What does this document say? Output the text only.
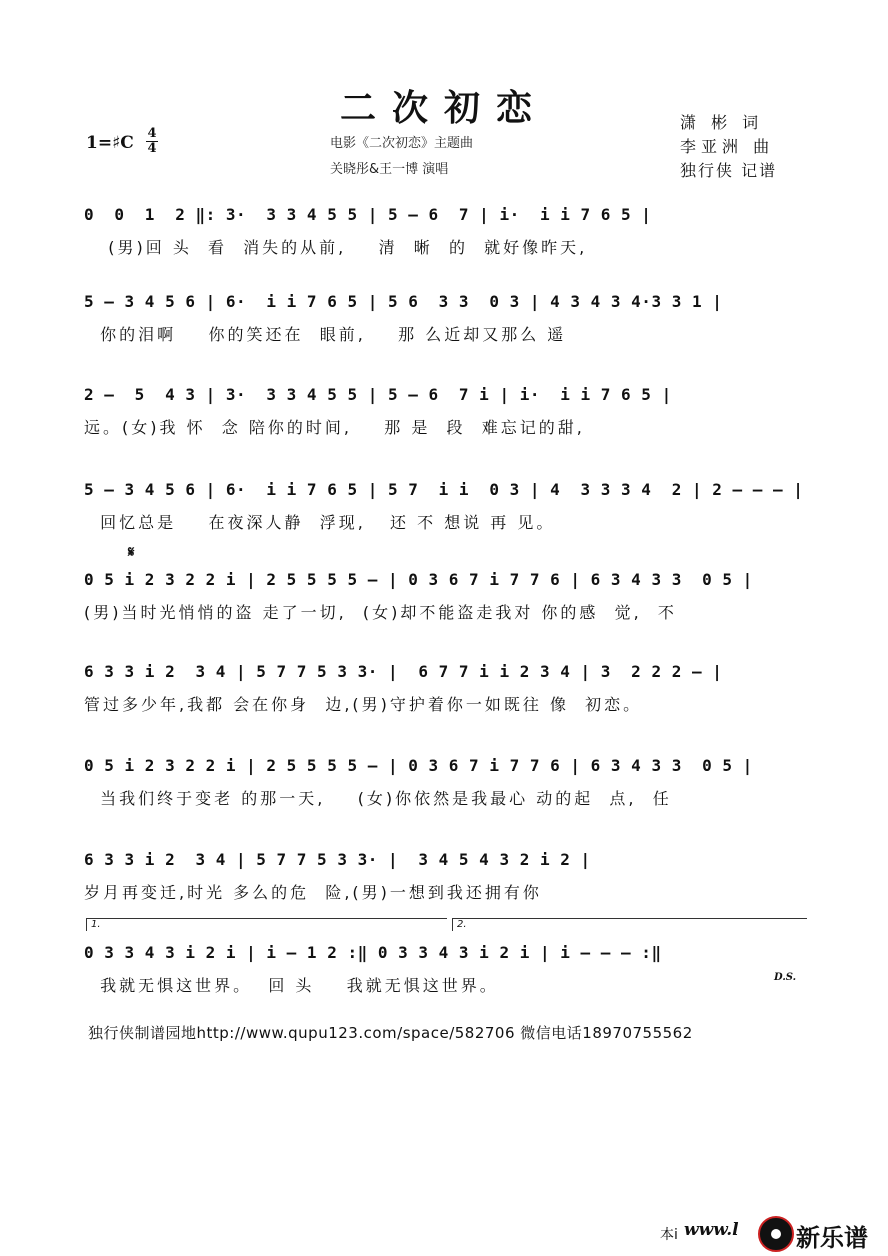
二次初恋
电影《二次初恋》主题曲
关晓彤&王一博 演唱
1=♯C 4
4
潇 彬 词
李亚洲 曲
独行侠 记谱
0  0  1  2 ‖: 3·  3 3 4 5 5 | 5 – 6  7 | i·  i i 7 6 5 |
(男)回 头  看  消失的从前,    清  晰  的  就好像昨天,
5 – 3 4 5 6 | 6·  i i 7 6 5 | 5 6  3 3  0 3 | 4 3 4 3 4·3 3 1 |
你的泪啊    你的笑还在  眼前,    那 么近却又那么 遥
2 –  5  4 3 | 3·  3 3 4 5 5 | 5 – 6  7 i | i·  i i 7 6 5 |
远。(女)我 怀  念 陪你的时间,    那 是  段  难忘记的甜,
5 – 3 4 5 6 | 6·  i i 7 6 5 | 5 7  i i  0 3 | 4  3 3 3 4  2 | 2 – – – |
回忆总是    在夜深人静  浮现,   还 不 想说 再 见。
𝄋
0 5 i 2 3 2 2 i | 2 5 5 5 5 – | 0 3 6 7 i 7 7 6 | 6 3 4 3 3  0 5 |
(男)当时光悄悄的盗 走了一切,  (女)却不能盗走我对 你的感  觉,  不
6 3 3 i 2  3 4 | 5 7 7 5 3 3· |  6 7 7 i i 2 3 4 | 3  2 2 2 – |
管过多少年,我都 会在你身  边,(男)守护着你一如既往 像  初恋。
0 5 i 2 3 2 2 i | 2 5 5 5 5 – | 0 3 6 7 i 7 7 6 | 6 3 4 3 3  0 5 |
当我们终于变老 的那一天,    (女)你依然是我最心 动的起  点,  任
6 3 3 i 2  3 4 | 5 7 7 5 3 3· |  3 4 5 4 3 2 i 2 |
岁月再变迁,时光 多么的危  险,(男)一想到我还拥有你
1.	2.
0 3 3 4 3 i 2 i | i – 1 2 :‖ 0 3 3 4 3 i 2 i | i – – – :‖
我就无惧这世界。  回 头    我就无惧这世界。	D.S.
独行侠制谱园地http://www.qupu123.com/space/582706 微信电话18970755562
本i www.l 新乐谱
